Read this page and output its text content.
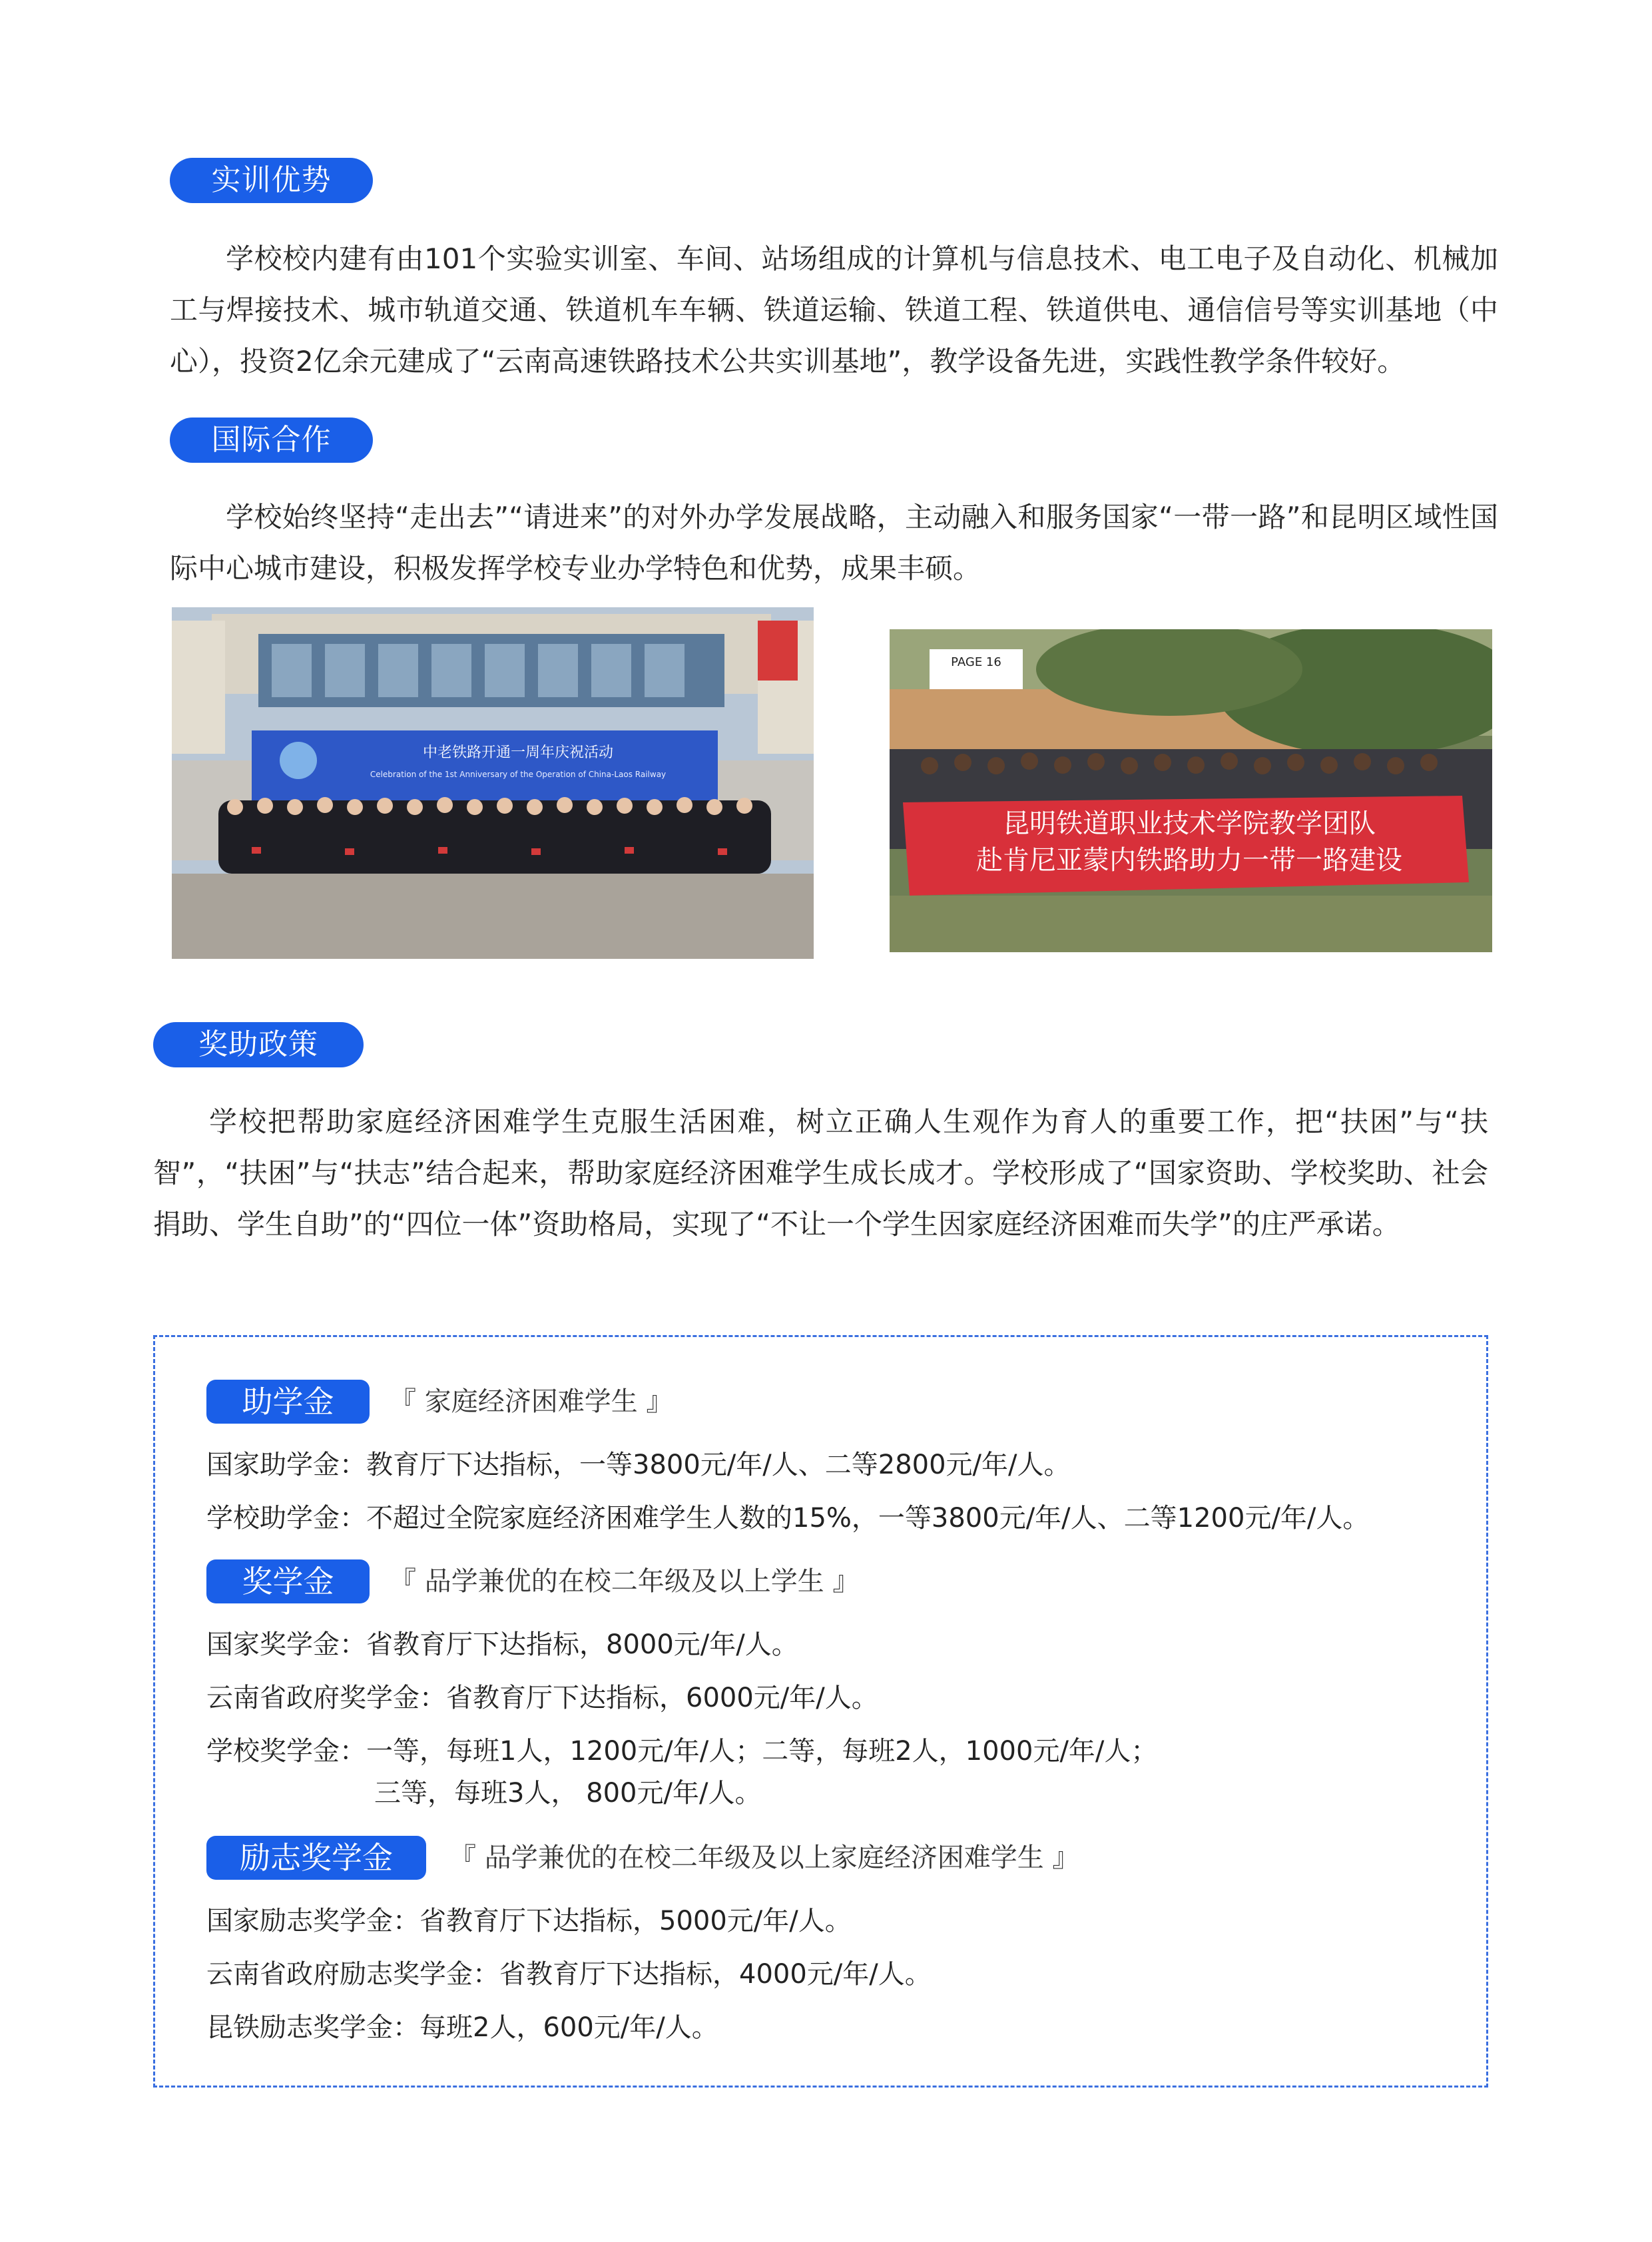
实训优势

学校校内建有由101个实验实训室、车间、站场组成的计算机与信息技术、电工电子及自动化、机械加工与焊接技术、城市轨道交通、铁道机车车辆、铁道运输、铁道工程、铁道供电、通信信号等实训基地（中心），投资2亿余元建成了“云南高速铁路技术公共实训基地”，教学设备先进，实践性教学条件较好。

国际合作

学校始终坚持“走出去”“请进来”的对外办学发展战略，主动融入和服务国家“一带一路”和昆明区域性国际中心城市建设，积极发挥学校专业办学特色和优势，成果丰硕。

中老铁路开通一周年庆祝活动
Celebration of the 1st Anniversary of the Operation of China-Laos Railway
PAGE 16
昆明铁道职业技术学院教学团队
赴肯尼亚蒙内铁路助力一带一路建设
奖助政策

学校把帮助家庭经济困难学生克服生活困难，树立正确人生观作为育人的重要工作，把“扶困”与“扶智”，“扶困”与“扶志”结合起来，帮助家庭经济困难学生成长成才。学校形成了“国家资助、学校奖助、社会捐助、学生自助”的“四位一体”资助格局，实现了“不让一个学生因家庭经济困难而失学”的庄严承诺。

助学金	『 家庭经济困难学生 』
国家助学金：教育厅下达指标，一等3800元/年/人、二等2800元/年/人。
学校助学金：不超过全院家庭经济困难学生人数的15%，一等3800元/年/人、二等1200元/年/人。
奖学金	『 品学兼优的在校二年级及以上学生 』
国家奖学金：省教育厅下达指标，8000元/年/人。
云南省政府奖学金：省教育厅下达指标，6000元/年/人。
学校奖学金：一等，每班1人，1200元/年/人；二等，每班2人，1000元/年/人；
三等，每班3人， 800元/年/人。
励志奖学金	『 品学兼优的在校二年级及以上家庭经济困难学生 』
国家励志奖学金：省教育厅下达指标，5000元/年/人。
云南省政府励志奖学金：省教育厅下达指标，4000元/年/人。
昆铁励志奖学金：每班2人，600元/年/人。
